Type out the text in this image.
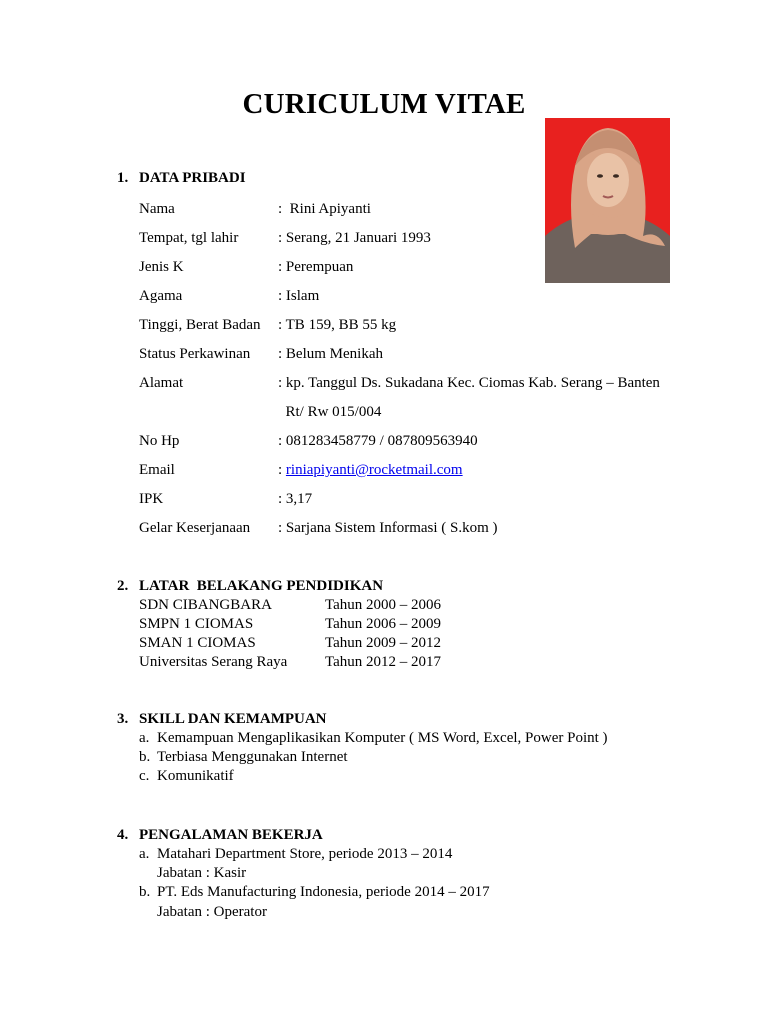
CURICULUM VITAE
1. DATA PRIBADI
Nama	:  Rini Apiyanti
Tempat, tgl lahir	: Serang, 21 Januari 1993
Jenis K	: Perempuan
Agama	: Islam
Tinggi, Berat Badan : TB 159, BB 55 kg
Status Perkawinan : Belum Menikah
Alamat	: kp. Tanggul Ds. Sukadana Kec. Ciomas Kab. Serang – Banten
Rt/ Rw 015/004
No Hp	: 081283458779 / 087809563940
Email	: riniapiyanti@rocketmail.com
IPK	: 3,17
Gelar Keserjanaan : Sarjana Sistem Informasi ( S.kom )
2. LATAR  BELAKANG PENDIDIKAN
SDN CIBANGBARA	Tahun 2000 – 2006
SMPN 1 CIOMAS	Tahun 2006 – 2009
SMAN 1 CIOMAS	Tahun 2009 – 2012
Universitas Serang Raya	Tahun 2012 – 2017
3. SKILL DAN KEMAMPUAN
a. Kemampuan Mengaplikasikan Komputer ( MS Word, Excel, Power Point )
b. Terbiasa Menggunakan Internet
c. Komunikatif
4. PENGALAMAN BEKERJA
a. Matahari Department Store, periode 2013 – 2014
Jabatan : Kasir
b. PT. Eds Manufacturing Indonesia, periode 2014 – 2017
Jabatan : Operator
